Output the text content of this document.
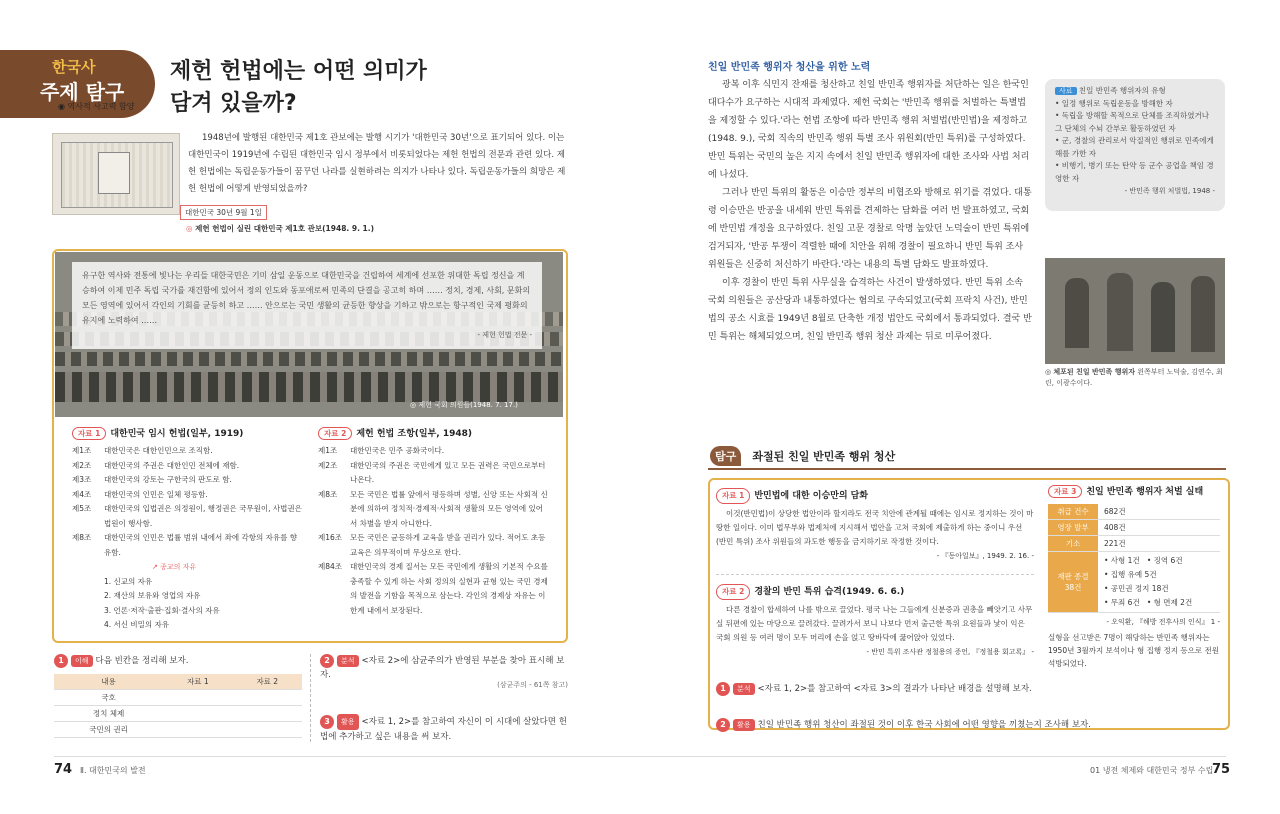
한국사
주제 탐구
제헌 헌법에는 어떤 의미가
담겨 있을까?
◉ 역사적 사고력 함양
1948년에 발행된 대한민국 제1호 관보에는 발행 시기가 '대한민국 30년'으로 표기되어 있다. 이는 대한민국이 1919년에 수립된 대한민국 임시 정부에서 비롯되었다는 제헌 헌법의 전문과 관련 있다. 제헌 헌법에는 독립운동가들이 꿈꾸던 나라를 실현하려는 의지가 나타나 있다. 독립운동가들의 희망은 제헌 헌법에 어떻게 반영되었을까?
대한민국 30년 9월 1일
◎ 제헌 헌법이 실린 대한민국 제1호 관보(1948. 9. 1.)
유구한 역사와 전통에 빛나는 우리들 대한국민은 기미 삼일 운동으로 대한민국을 건립하여 세계에 선포한 위대한 독립 정신을 계승하여 이제 민주 독립 국가를 재건함에 있어서 정의 인도와 동포애로써 민족의 단결을 공고히 하며 …… 정치, 경제, 사회, 문화의 모든 영역에 있어서 각인의 기회를 균등히 하고 …… 안으로는 국민 생활의 균등한 향상을 기하고 밖으로는 항구적인 국제 평화의 유지에 노력하여 ……
- 제헌 헌법 전문 -
◎ 제헌 국회 의원들(1948. 7. 17.)
자료 1 대한민국 임시 헌법(일부, 1919)
제1조 대한민국은 대한인민으로 조직함.
제2조 대한민국의 주권은 대한인민 전체에 재함.
제3조 대한민국의 강토는 구한국의 판도로 함.
제4조 대한민국의 인민은 일체 평등함.
제5조	대한민국의 입법권은 의정원이, 행정권은 국무원이, 사법권은 법원이 행사함.
제8조	대한민국의 인민은 법률 범위 내에서 좌에 각항의 자유를 향유함.
↗ 종교의 자유
1. 신교의 자유
2. 재산의 보유와 영업의 자유
3. 언론·저작·출판·집회·결사의 자유
4. 서신 비밀의 자유
자료 2 제헌 헌법 조항(일부, 1948)
제1조	대한민국은 민주 공화국이다.
제2조	대한민국의 주권은 국민에게 있고 모든 권력은 국민으로부터 나온다.
제8조	모든 국민은 법률 앞에서 평등하며 성별, 신앙 또는 사회적 신분에 의하여 정치적·경제적·사회적 생활의 모든 영역에 있어서 차별을 받지 아니한다.
제16조	모든 국민은 균등하게 교육을 받을 권리가 있다. 적어도 초등 교육은 의무적이며 무상으로 한다.
제84조	대한민국의 경제 질서는 모든 국민에게 생활의 기본적 수요를 충족할 수 있게 하는 사회 정의의 실현과 균형 있는 국민 경제의 발전을 기함을 목적으로 삼는다. 각인의 경제상 자유는 이 한계 내에서 보장된다.
1 이해 다음 빈칸을 정리해 보자.
내용	자료 1	자료 2
국호		
정치 체제		
국민의 권리		
2 분석 <자료 2>에 삼균주의가 반영된 부분을 찾아 표시해 보자.
(삼균주의 - 61쪽 참고)
3 활용 <자료 1, 2>를 참고하여 자신이 이 시대에 살았다면 헌법에 추가하고 싶은 내용을 써 보자.
74 Ⅱ. 대한민국의 발전
친일 반민족 행위자 청산을 위한 노력

광복 이후 식민지 잔재를 청산하고 친일 반민족 행위자를 처단하는 일은 한국인 대다수가 요구하는 시대적 과제였다. 제헌 국회는 '반민족 행위를 처벌하는 특별법을 제정할 수 있다.'라는 헌법 조항에 따라 반민족 행위 처벌법(반민법)을 제정하고(1948. 9.), 국회 직속의 반민족 행위 특별 조사 위원회(반민 특위)를 구성하였다. 반민 특위는 국민의 높은 지지 속에서 친일 반민족 행위자에 대한 조사와 사법 처리에 나섰다.

그러나 반민 특위의 활동은 이승만 정부의 비협조와 방해로 위기를 겪었다. 대통령 이승만은 반공을 내세워 반민 특위를 견제하는 담화를 여러 번 발표하였고, 국회에 반민법 개정을 요구하였다. 친일 고문 경찰로 악명 높았던 노덕술이 반민 특위에 검거되자, '반공 투쟁이 격렬한 때에 치안을 위해 경찰이 필요하니 반민 특위 조사 위원들은 신중히 처신하기 바란다.'라는 내용의 특별 담화도 발표하였다.

이후 경찰이 반민 특위 사무실을 습격하는 사건이 발생하였다. 반민 특위 소속 국회 의원들은 공산당과 내통하였다는 혐의로 구속되었고(국회 프락치 사건), 반민법의 공소 시효를 1949년 8월로 단축한 개정 법안도 국회에서 통과되었다. 결국 반민 특위는 해체되었으며, 친일 반민족 행위 청산 과제는 뒤로 미루어졌다.

사료 친일 반민족 행위자의 유형
• 일정 행위로 독립운동을 방해한 자
• 독립을 방해할 목적으로 단체를 조직하였거나 그 단체의 수뇌 간부로 활동하였던 자
• 군, 경찰의 관리로서 악질적인 행위로 민족에게 해를 가한 자
• 비행기, 병기 또는 탄약 등 군수 공업을 책임 경영한 자
- 반민족 행위 처벌법, 1948 -
◎ 체포된 친일 반민족 행위자 왼쪽부터 노덕술, 김연수, 최린, 이광수이다.
탐구 좌절된 친일 반민족 행위 청산
자료 1 반민법에 대한 이승만의 담화
이것(반민법)이 상당한 법안이라 할지라도 전국 치안에 관계될 때에는 임시로 정지하는 것이 마땅한 일이다. 이미 법무부와 법제처에 지시해서 법안을 고쳐 국회에 제출하게 하는 중이니 우선 (반민 특위) 조사 위원들의 과도한 행동을 금지하기로 작정한 것이다.
- 『동아일보』, 1949. 2. 16. -
자료 2 경찰의 반민 특위 습격(1949. 6. 6.)
다른 경찰이 합세하여 나를 밖으로 끌었다. 평국 나는 그들에게 신분증과 권총을 빼앗기고 사무실 뒤편에 있는 마당으로 끌려갔다. 끌려가서 보니 나보다 먼저 출근한 특위 요원들과 낯이 익은 국회 의원 등 여러 명이 모두 머리에 손을 얹고 땅바닥에 꿇어앉아 있었다.
- 반민 특위 조사관 정철용의 증언, 『정철용 회고록』 -
자료 3 친일 반민족 행위자 처벌 실태
취급 건수	682건
영장 발부	408건
기소	221건
재판 종결 38건	• 사형 1건 • 징역 6건
• 집행 유예 5건
• 공민권 정지 18건
• 무죄 6건 • 형 면제 2건
- 오익환, 『해방 전후사의 인식』 1 -
실형을 선고받은 7명이 해당하는 반민족 행위자는 1950년 3월까지 보석이나 형 집행 정지 등으로 전원 석방되었다.
1 분석 <자료 1, 2>를 참고하여 <자료 3>의 결과가 나타난 배경을 설명해 보자.
2 활용 친일 반민족 행위 청산이 좌절된 것이 이후 한국 사회에 어떤 영향을 끼쳤는지 조사해 보자.
01 냉전 체제와 대한민국 정부 수립
75
